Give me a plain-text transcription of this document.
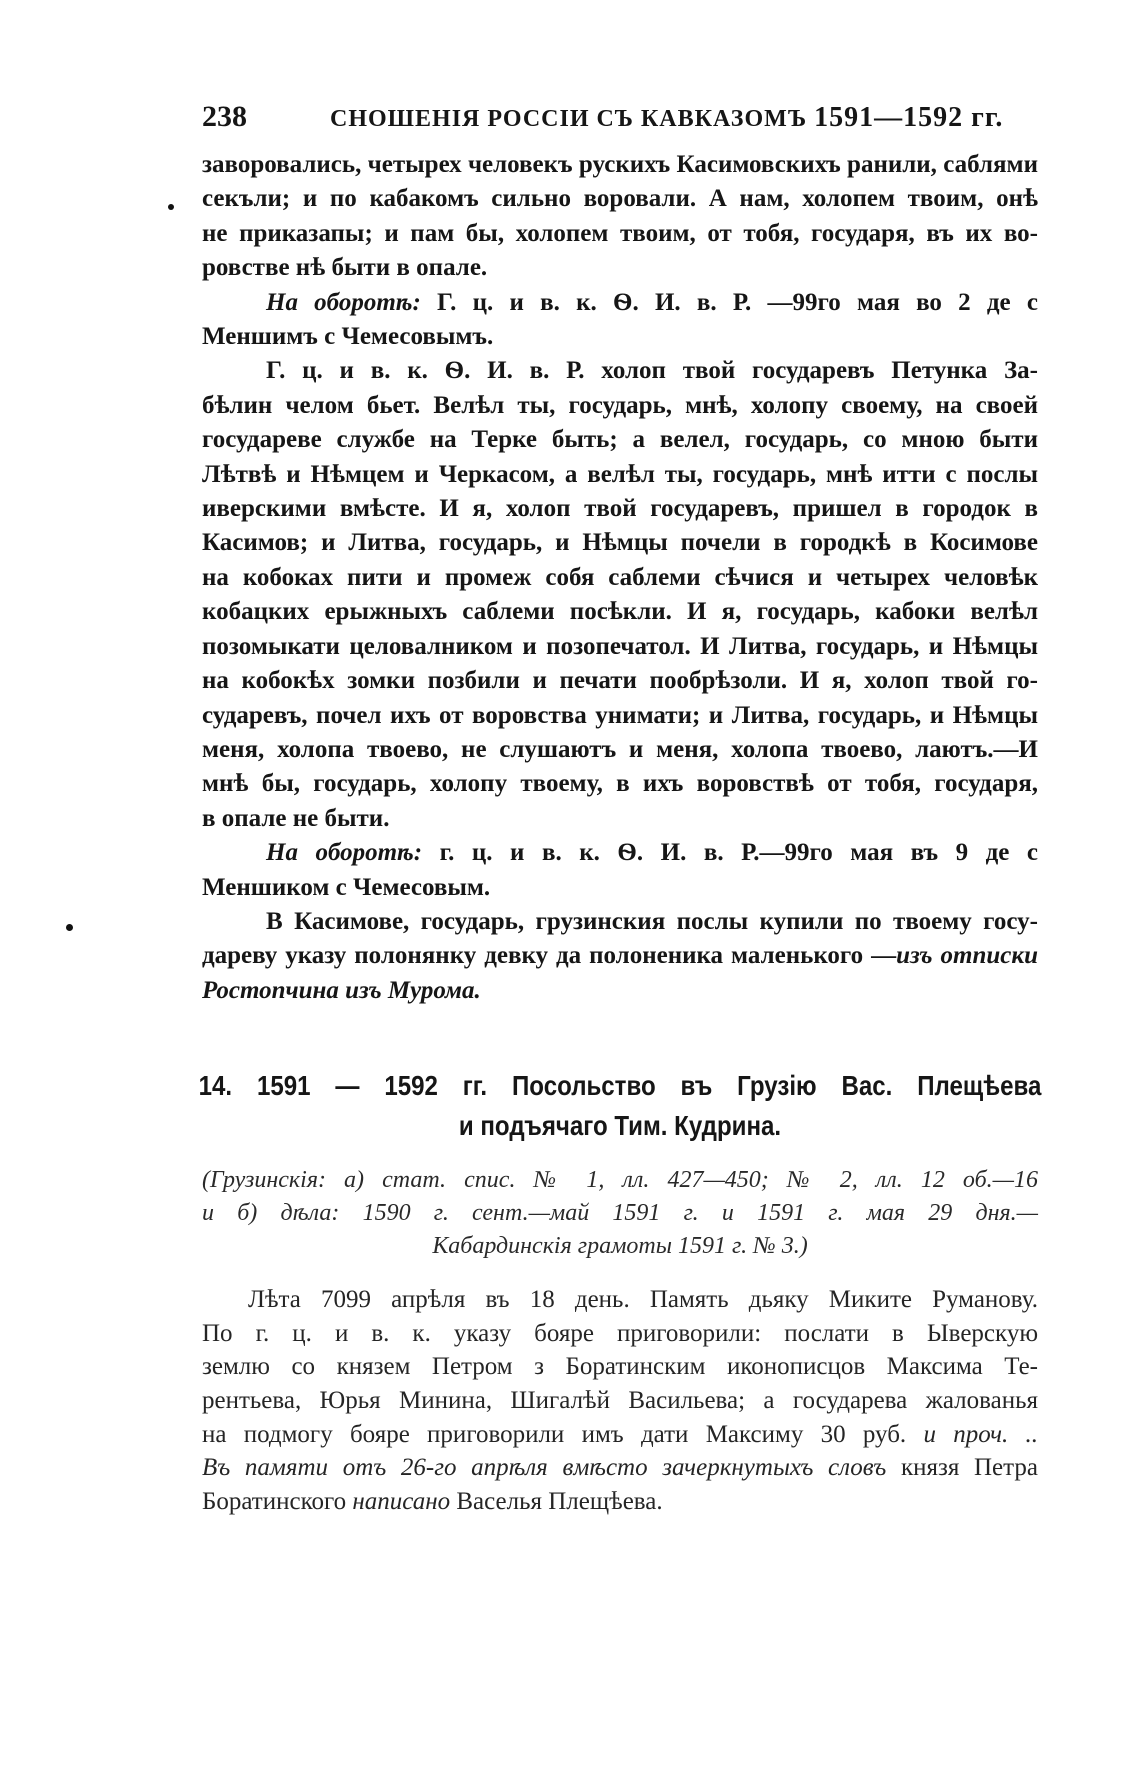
238	СНОШЕНІЯ РОССІИ СЪ КАВКАЗОМЪ 1591—1592 гг.
заворовались, четырех человекъ рускихъ Касимовскихъ ранили, саблями
секъли; и по кабакомъ сильно воровали. А нам, холопем твоим, онѣ
не приказапы; и пам бы, холопем твоим, от тобя, государя, въ их во-
ровстве нѣ быти в опале.
На оборотѣ: Г. ц. и в. к. Ѳ. И. в. Р. —99го мая во 2 де с
Меншимъ с Чемесовымъ.
Г. ц. и в. к. Ѳ. И. в. Р. холоп твой государевъ Петунка За-
бѣлин челом бьет. Велѣл ты, государь, мнѣ, холопу своему, на своей
государеве службе на Терке быть; а велел, государь, со мною быти
Лѣтвѣ и Нѣмцем и Черкасом, а велѣл ты, государь, мнѣ итти с послы
иверскими вмѣсте. И я, холоп твой государевъ, пришел в городок в
Касимов; и Литва, государь, и Нѣмцы почели в городкѣ в Косимове
на кобоках пити и промеж собя саблеми сѣчися и четырех человѣк
кобацких ерыжныхъ саблеми посѣкли. И я, государь, кабоки велѣл
позомыкати целовалником и позопечатол. И Литва, государь, и Нѣмцы
на кобокѣх зомки позбили и печати пообрѣзоли. И я, холоп твой го-
сударевъ, почел ихъ от воровства унимати; и Литва, государь, и Нѣмцы
меня, холопа твоево, не слушаютъ и меня, холопа твоево, лаютъ.—И
мнѣ бы, государь, холопу твоему, в ихъ воровствѣ от тобя, государя,
в опале не быти.
На оборотѣ: г. ц. и в. к. Ѳ. И. в. Р.—99го мая въ 9 де с
Меншиком с Чемесовым.
В Касимове, государь, грузинския послы купили по твоему госу-
дареву указу полонянку девку да полоненика маленького —изъ отписки
Ростопчина изъ Мурома.
14. 1591 — 1592 гг. Посольство въ Грузію Вас. Плещѣева
и подъячаго Тим. Кудрина.
(Грузинскія: а) стат. спис. № 1, лл. 427—450; № 2, лл. 12 об.—16
и б) дѣла: 1590 г. сент.—май 1591 г. и 1591 г. мая 29 дня.—
Кабардинскія грамоты 1591 г. № 3.)
Лѣта 7099 апрѣля въ 18 день. Память дьяку Миките Руманову.
По г. ц. и в. к. указу бояре приговорили: послати в Ыверскую
землю со князем Петром з Боратинским иконописцов Максима Те-
рентьева, Юрья Минина, Шигалѣй Васильева; а государева жалованья
на подмогу бояре приговорили имъ дати Максиму 30 руб. и проч. ..
Въ памяти отъ 26-го апрѣля вмѣсто зачеркнутыхъ словъ князя Петра
Боратинского написано Васелья Плещѣева.
